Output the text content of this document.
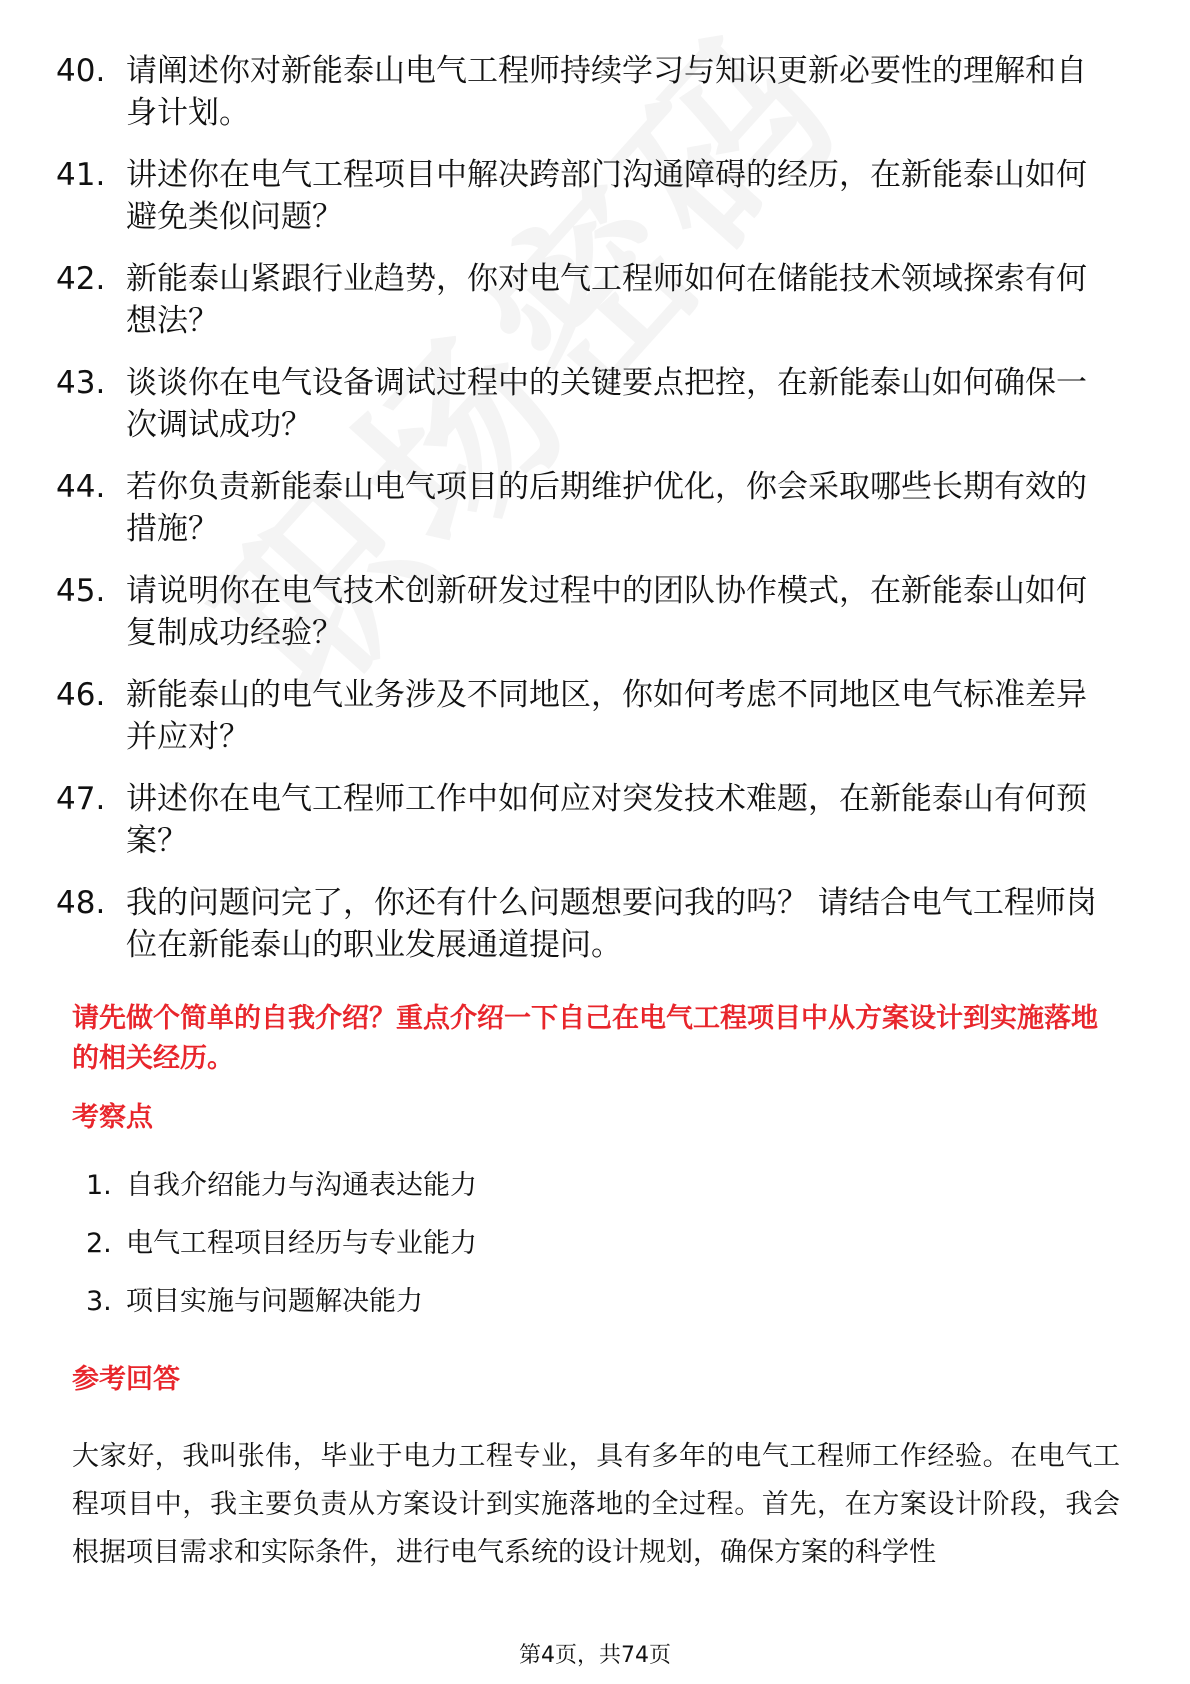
40. 请阐述你对新能泰山电气工程师持续学习与知识更新必要性的理解和自身计划。
41. 讲述你在电气工程项目中解决跨部门沟通障碍的经历，在新能泰山如何避免类似问题？
42. 新能泰山紧跟行业趋势，你对电气工程师如何在储能技术领域探索有何想法？
43. 谈谈你在电气设备调试过程中的关键要点把控，在新能泰山如何确保一次调试成功？
44. 若你负责新能泰山电气项目的后期维护优化，你会采取哪些长期有效的措施？
45. 请说明你在电气技术创新研发过程中的团队协作模式，在新能泰山如何复制成功经验？
46. 新能泰山的电气业务涉及不同地区，你如何考虑不同地区电气标准差异并应对？
47. 讲述你在电气工程师工作中如何应对突发技术难题，在新能泰山有何预案？
48. 我的问题问完了，你还有什么问题想要问我的吗？ 请结合电气工程师岗位在新能泰山的职业发展通道提问。
请先做个简单的自我介绍？重点介绍一下自己在电气工程项目中从方案设计到实施落地的相关经历。
考察点
1. 自我介绍能力与沟通表达能力
2. 电气工程项目经历与专业能力
3. 项目实施与问题解决能力
参考回答
大家好，我叫张伟，毕业于电力工程专业，具有多年的电气工程师工作经验。在电气工程项目中，我主要负责从方案设计到实施落地的全过程。首先，在方案设计阶段，我会根据项目需求和实际条件，进行电气系统的设计规划，确保方案的科学性
第4页，共74页
